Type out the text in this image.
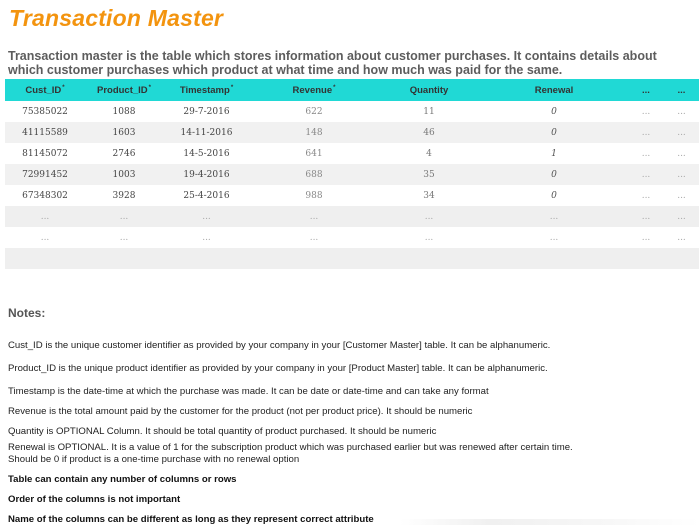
Transaction Master
Transaction master is the table which stores information about customer purchases. It contains details about which customer purchases which product at what time and how much was paid for the same.
Cust_ID*	Product_ID*	Timestamp*	Revenue*	Quantity	Renewal	...	...
75385022	1088	29-7-2016	622	11	0	...	...
41115589	1603	14-11-2016	148	46	0	...	...
81145072	2746	14-5-2016	641	4	1	...	...
72991452	1003	19-4-2016	688	35	0	...	...
67348302	3928	25-4-2016	988	34	0	...	...
...	...	...	...	...	...	...	...
...	...	...	...	...	...	...	...

Notes:
Cust_ID is the unique customer identifier as provided by your company in your [Customer Master] table. It can be alphanumeric.
Product_ID is the unique product identifier as provided by your company in your [Product Master] table. It can be alphanumeric.
Timestamp is the date-time at which the purchase was made. It can be date or date-time and can take any format
Revenue is the total amount paid by the customer for the product (not per product price). It should be numeric
Quantity is OPTIONAL Column. It should be total quantity of product purchased. It should be numeric
Renewal is OPTIONAL. It is a value of 1 for the subscription product which was purchased earlier but was renewed after certain time.
Should be 0 if product is a one-time purchase with no renewal option
Table can contain any number of columns or rows
Order of the columns is not important
Name of the columns can be different as long as they represent correct attribute
